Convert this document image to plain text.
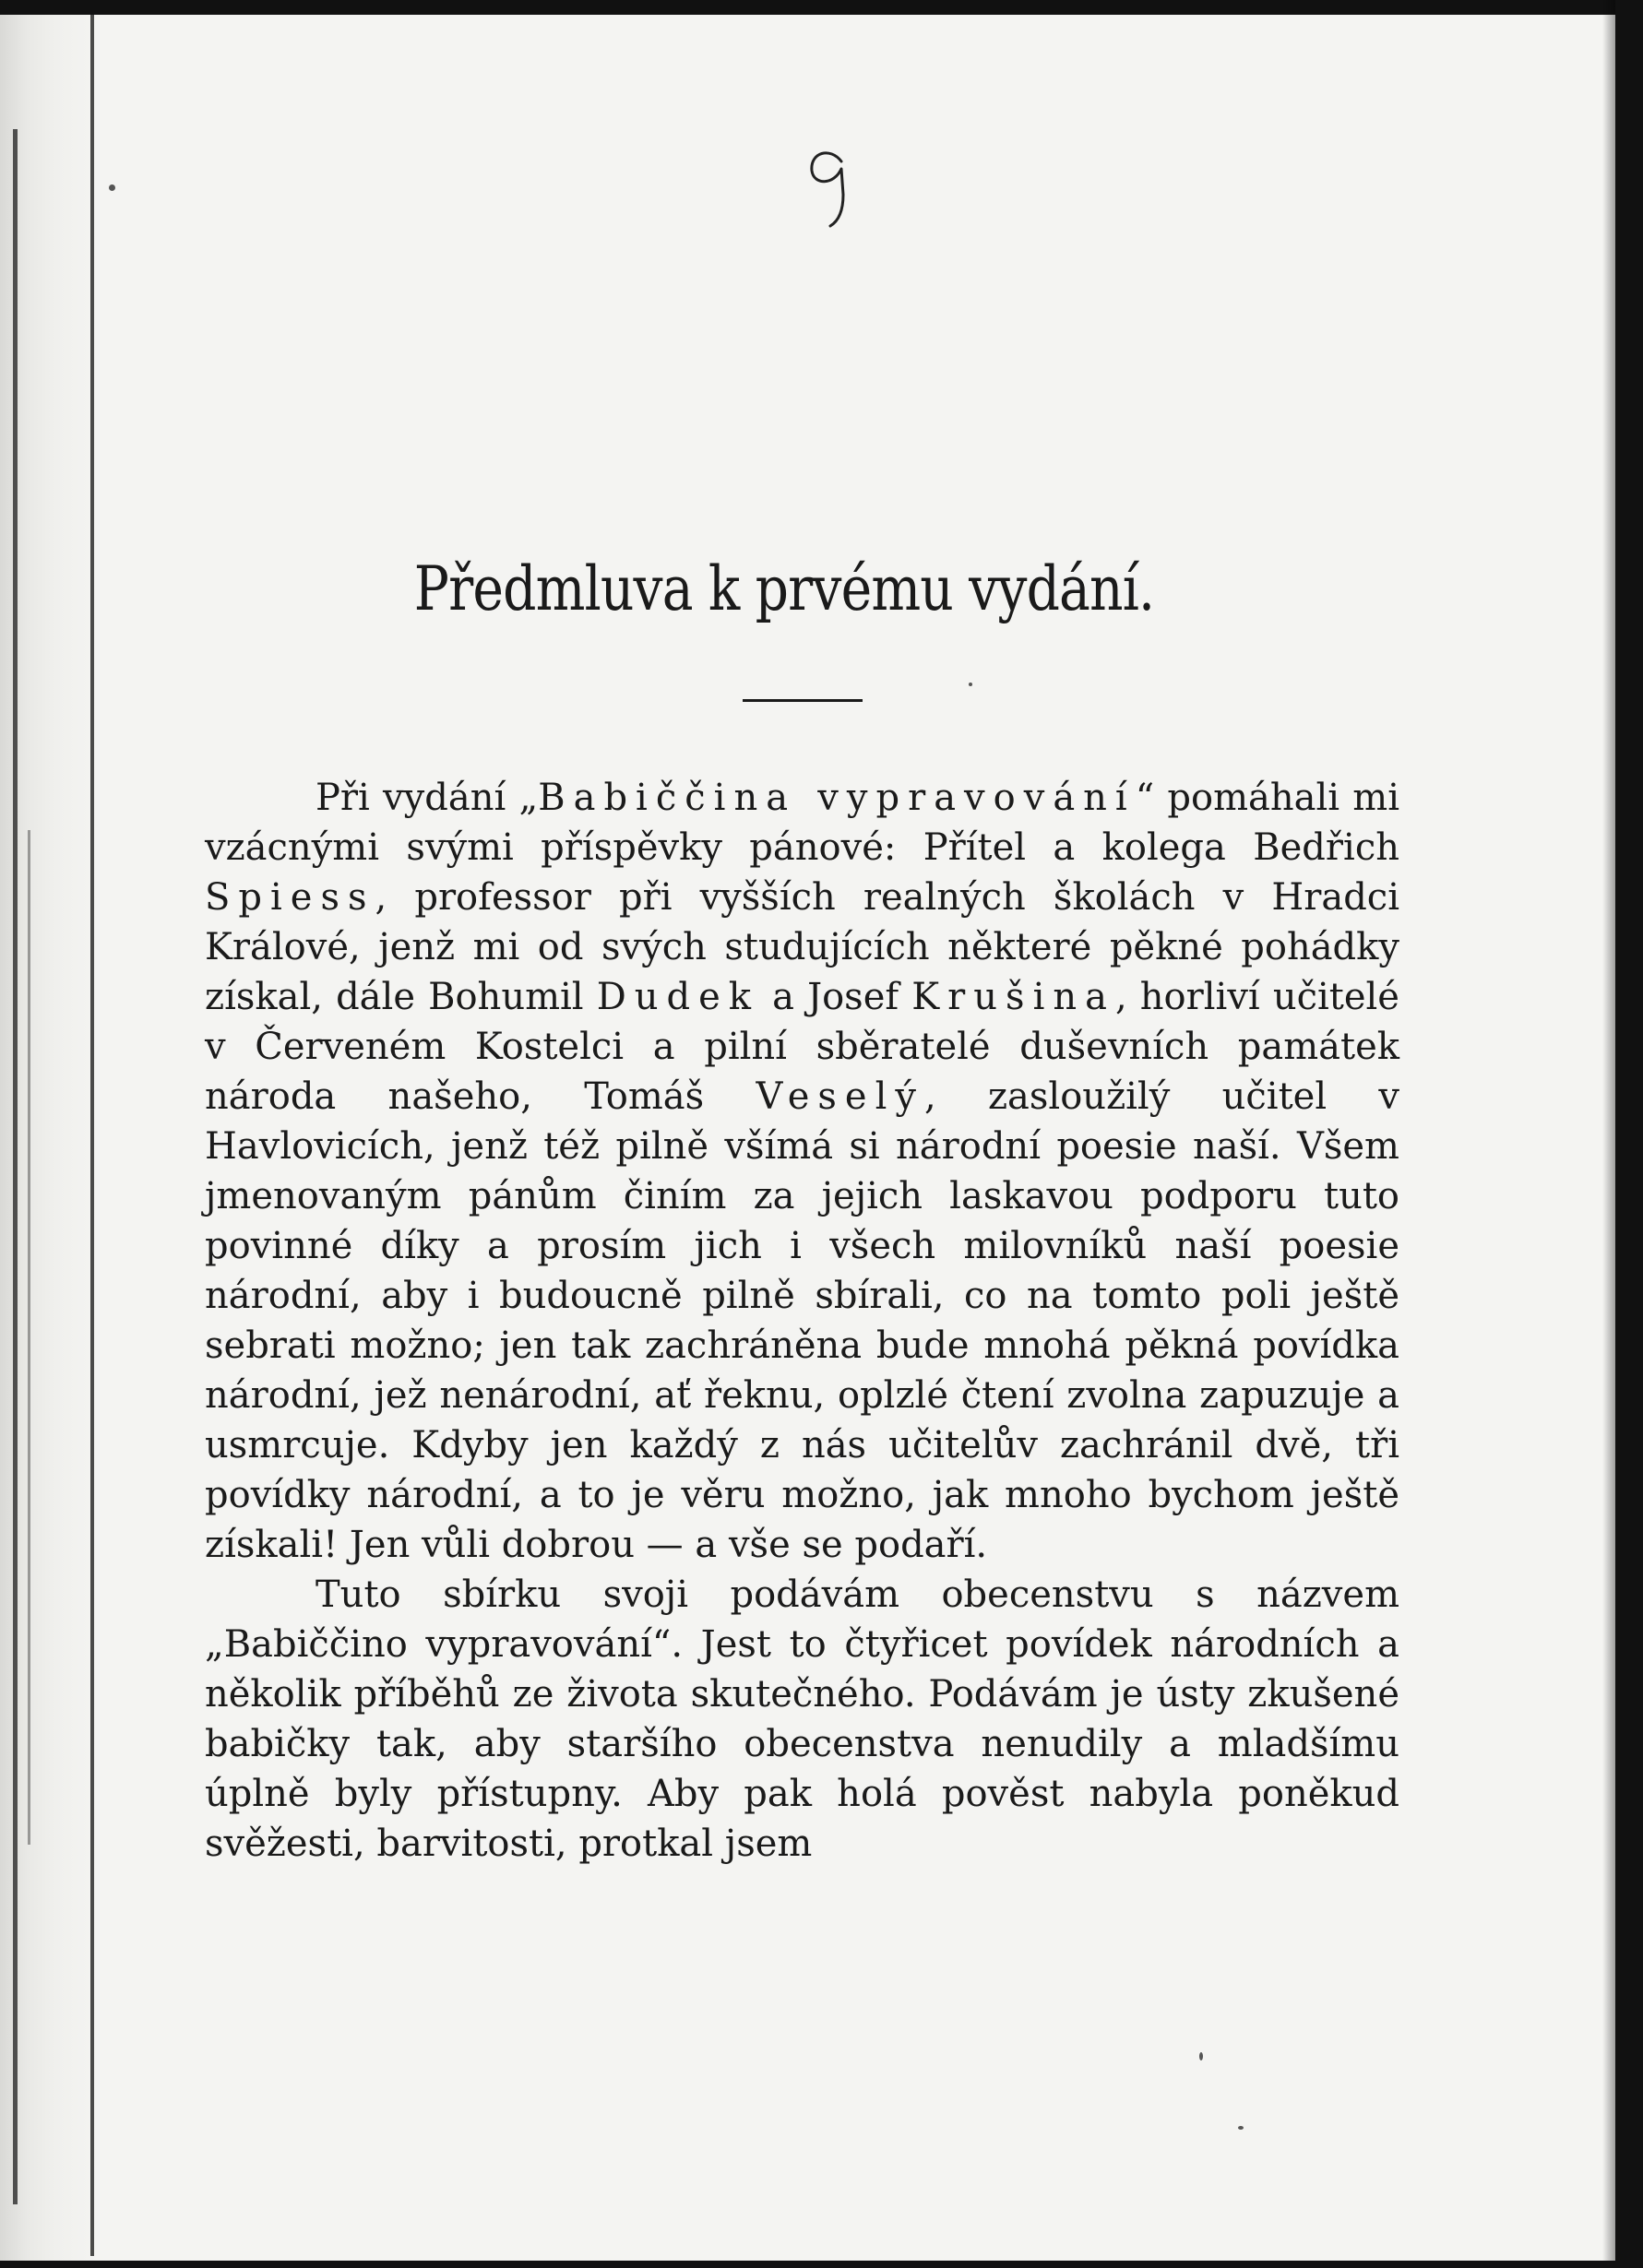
Předmluva k prvému vydání.

Při vydání „Babiččina vypravování“ pomáhali mi vzácnými svými příspěvky pánové: Přítel a kolega Bedřich Spiess, professor při vyšších realných školách v Hradci Králové, jenž mi od svých studujících některé pěkné pohádky získal, dále Bohumil Dudek a Josef Krušina, horliví učitelé v Červeném Kostelci a pilní sběratelé duševních památek národa našeho, Tomáš Veselý, zasloužilý učitel v Havlovicích, jenž též pilně všímá si národní poesie naší. Všem jmenovaným pánům činím za jejich laskavou podporu tuto povinné díky a prosím jich i všech milovníků naší poesie národní, aby i budoucně pilně sbírali, co na tomto poli ještě sebrati možno; jen tak zachráněna bude mnohá pěkná povídka národní, jež nenárodní, ať řeknu, oplzlé čtení zvolna zapuzuje a usmrcuje. Kdyby jen každý z nás učitelův zachránil dvě, tři povídky národní, a to je věru možno, jak mnoho bychom ještě získali! Jen vůli dobrou — a vše se podaří.

Tuto sbírku svoji podávám obecenstvu s názvem „Babiččino vypravování“. Jest to čtyřicet povídek národních a několik příběhů ze života skutečného. Podávám je ústy zkušené babičky tak, aby staršího obecenstva nenudily a mladšímu úplně byly přístupny. Aby pak holá pověst nabyla poněkud svěžesti, barvitosti, protkal jsem
